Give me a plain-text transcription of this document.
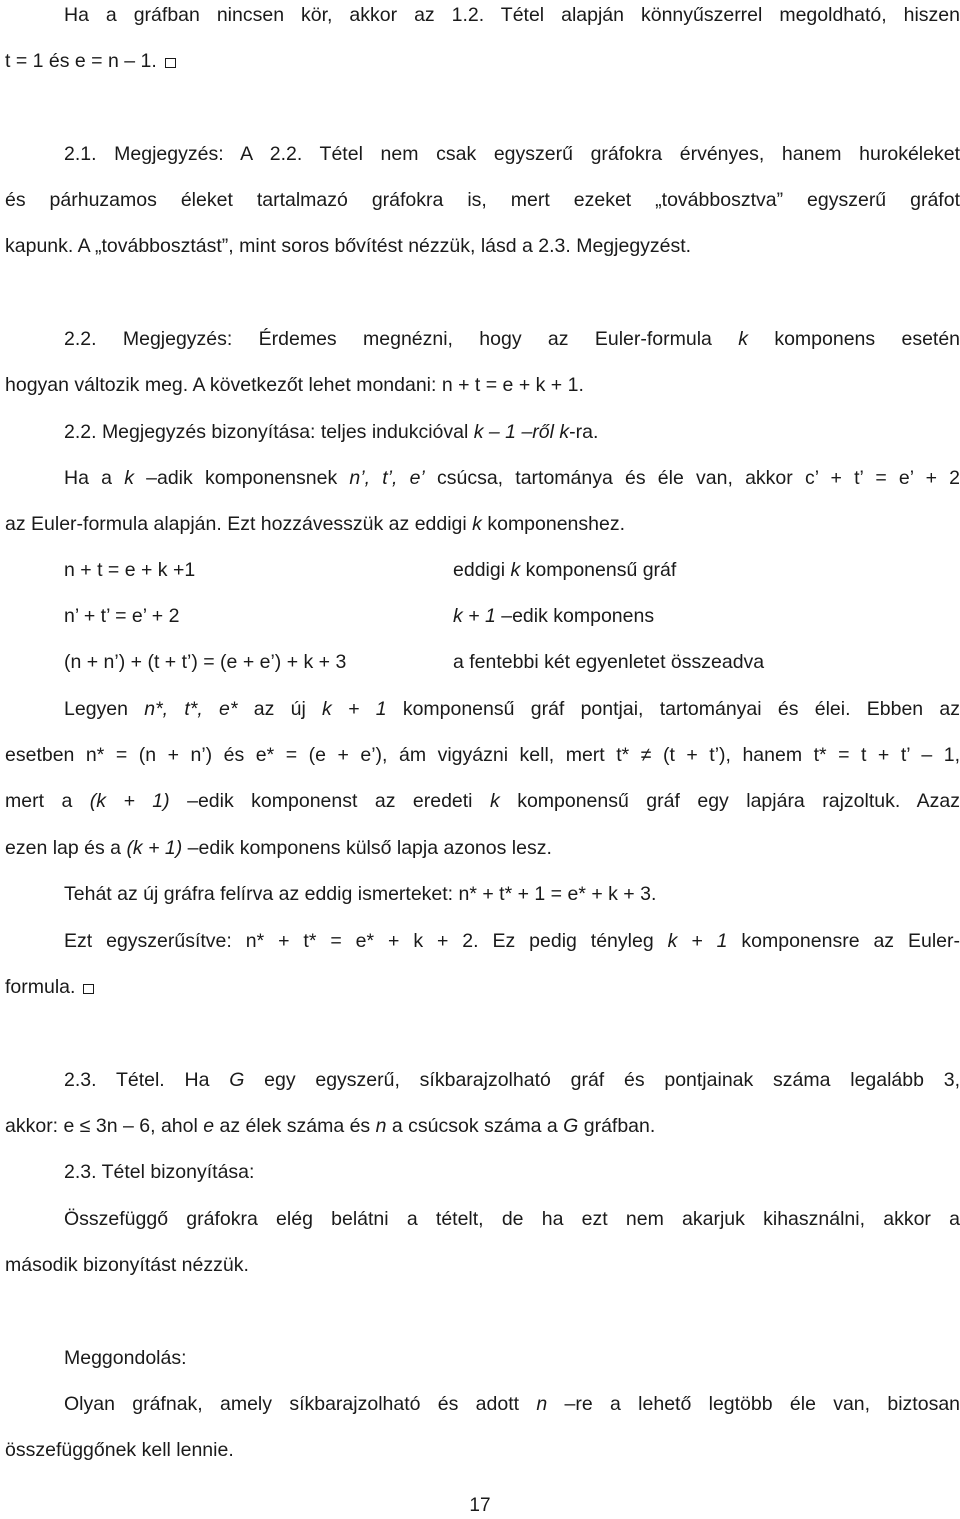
Ha a gráfban nincsen kör, akkor az 1.2. Tétel alapján könnyűszerrel megoldható, hiszen
t = 1 és e = n – 1.
2.1. Megjegyzés: A 2.2. Tétel nem csak egyszerű gráfokra érvényes, hanem hurokéleket
és párhuzamos éleket tartalmazó gráfokra is, mert ezeket „továbbosztva” egyszerű gráfot
kapunk. A „továbbosztást”, mint soros bővítést nézzük, lásd a 2.3. Megjegyzést.
2.2. Megjegyzés: Érdemes megnézni, hogy az Euler-formula k komponens esetén
hogyan változik meg. A következőt lehet mondani: n + t = e + k + 1.
2.2. Megjegyzés bizonyítása: teljes indukcióval k – 1 –ről k-ra.
Ha a k –adik komponensnek n’, t’, e’ csúcsa, tartománya és éle van, akkor c’ + t’ = e’ + 2
az Euler-formula alapján. Ezt hozzávesszük az eddigi k komponenshez.
n + t = e + k +1	eddigi k komponensű gráf
n’ + t’ = e’ + 2	k + 1 –edik komponens
(n + n’) + (t + t’) = (e + e’) + k + 3	a fentebbi két egyenletet összeadva
Legyen n*, t*, e* az új k + 1 komponensű gráf pontjai, tartományai és élei. Ebben az
esetben n* = (n + n’) és e* = (e + e’), ám vigyázni kell, mert t* ≠ (t + t’), hanem t* = t + t’ – 1,
mert a (k + 1) –edik komponenst az eredeti k komponensű gráf egy lapjára rajzoltuk. Azaz
ezen lap és a (k + 1) –edik komponens külső lapja azonos lesz.
Tehát az új gráfra felírva az eddig ismerteket: n* + t* + 1 = e* + k + 3.
Ezt egyszerűsítve: n* + t* = e* + k + 2. Ez pedig tényleg k + 1 komponensre az Euler-
formula.
2.3. Tétel. Ha G egy egyszerű, síkbarajzolható gráf és pontjainak száma legalább 3,
akkor: e ≤ 3n – 6, ahol e az élek száma és n a csúcsok száma a G gráfban.
2.3. Tétel bizonyítása:
Összefüggő gráfokra elég belátni a tételt, de ha ezt nem akarjuk kihasználni, akkor a
második bizonyítást nézzük.
Meggondolás:
Olyan gráfnak, amely síkbarajzolható és adott n –re a lehető legtöbb éle van, biztosan
összefüggőnek kell lennie.
17
